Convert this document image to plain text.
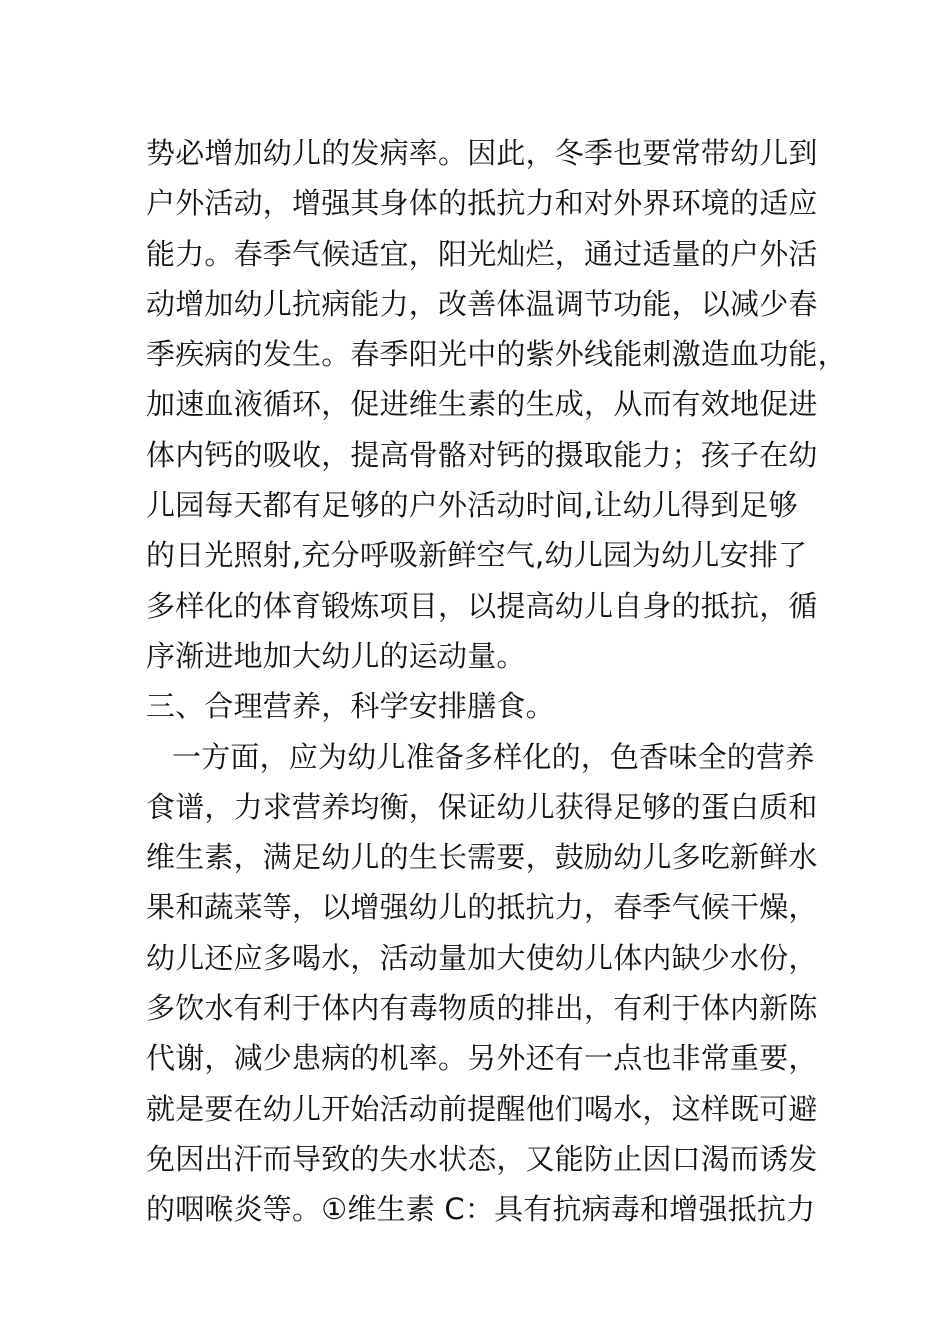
势必增加幼儿的发病率。因此，冬季也要常带幼儿到
户外活动，增强其身体的抵抗力和对外界环境的适应
能力。春季气候适宜，阳光灿烂，通过适量的户外活
动增加幼儿抗病能力，改善体温调节功能，以减少春
季疾病的发生。春季阳光中的紫外线能刺激造血功能，
加速血液循环，促进维生素的生成，从而有效地促进
体内钙的吸收，提高骨骼对钙的摄取能力；孩子在幼
儿园每天都有足够的户外活动时间,让幼儿得到足够
的日光照射,充分呼吸新鲜空气,幼儿园为幼儿安排了
多样化的体育锻炼项目，以提高幼儿自身的抵抗，循
序渐进地加大幼儿的运动量。
三、合理营养，科学安排膳食。
一方面，应为幼儿准备多样化的，色香味全的营养
食谱，力求营养均衡，保证幼儿获得足够的蛋白质和
维生素，满足幼儿的生长需要，鼓励幼儿多吃新鲜水
果和蔬菜等，以增强幼儿的抵抗力，春季气候干燥，
幼儿还应多喝水，活动量加大使幼儿体内缺少水份，
多饮水有利于体内有毒物质的排出，有利于体内新陈
代谢，减少患病的机率。另外还有一点也非常重要，
就是要在幼儿开始活动前提醒他们喝水，这样既可避
免因出汗而导致的失水状态，又能防止因口渴而诱发
的咽喉炎等。①维生素 C：具有抗病毒和增强抵抗力
